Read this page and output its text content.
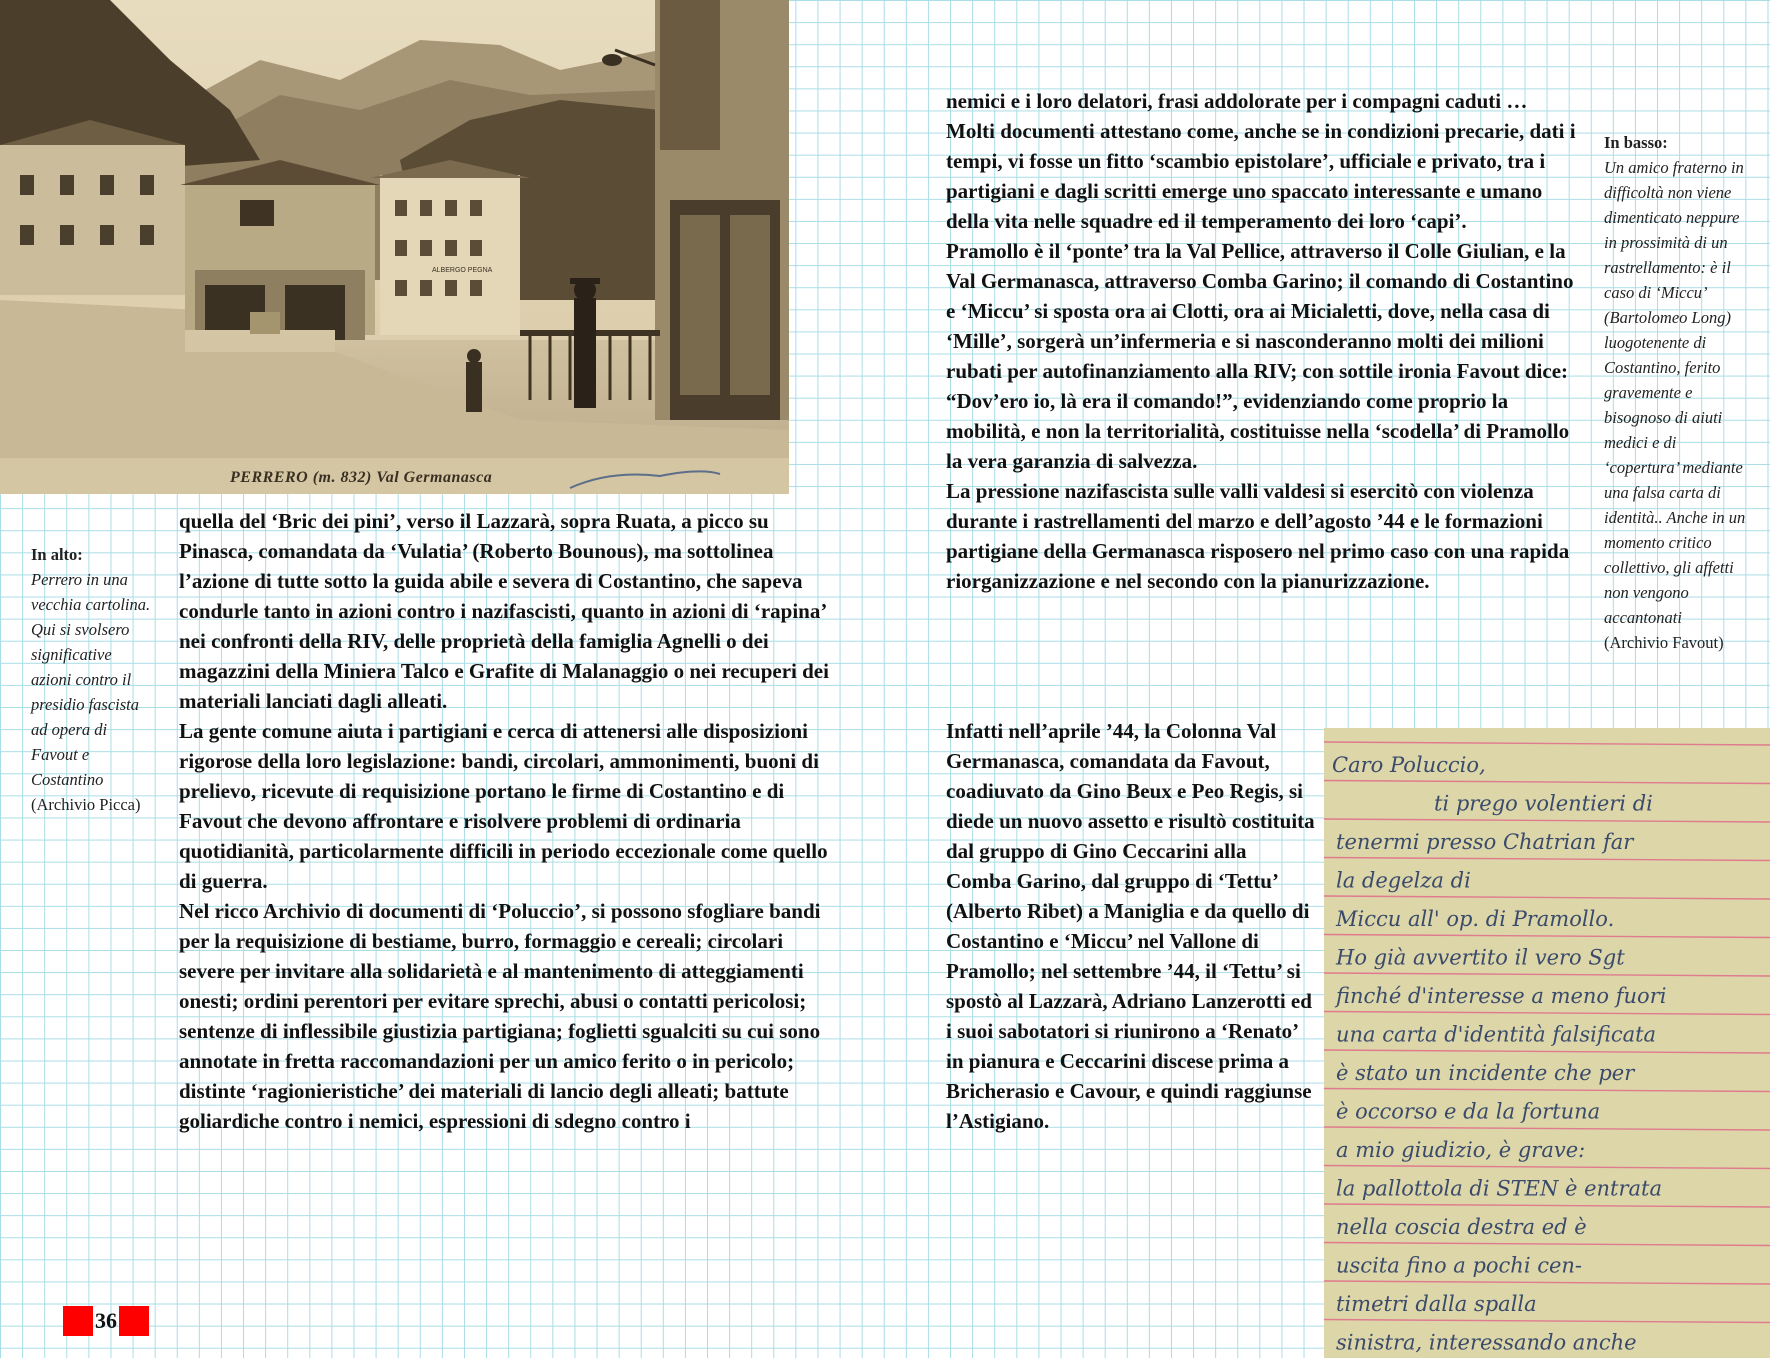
ALBERGO PEGNA
PERRERO (m. 832) Val Germanasca
In alto:
Perrero in una vecchia cartolina. Qui si svolsero significative azioni contro il presidio fascista ad opera di Favout e Costantino
(Archivio Picca)
In basso:
Un amico fraterno in difficoltà non viene dimenticato neppure in prossimità di un rastrellamento: è il caso di ‘Miccu’ (Bartolomeo Long) luogotenente di Costantino, ferito gravemente e bisognoso di aiuti medici e di ‘copertura’ mediante una falsa carta di identità.. Anche in un momento critico collettivo, gli affetti non vengono accantonati
(Archivio Favout)
quella del ‘Bric dei pini’, verso il Lazzarà, sopra Ruata, a picco su Pinasca, comandata da ‘Vulatia’ (Roberto Bounous), ma sottolinea l’azione di tutte sotto la guida abile e severa di Costantino, che sapeva condurle tanto in azioni contro i nazifascisti, quanto in azioni di ‘rapina’ nei confronti della RIV, delle proprietà della famiglia Agnelli o dei magazzini della Miniera Talco e Grafite di Malanaggio o nei recuperi dei materiali lanciati dagli alleati.
La gente comune aiuta i partigiani e cerca di attenersi alle disposizioni rigorose della loro legislazione: bandi, circolari, ammonimenti, buoni di prelievo, ricevute di requisizione portano le firme di Costantino e di Favout che devono affrontare e risolvere problemi di ordinaria quotidianità, particolarmente difficili in periodo eccezionale come quello di guerra.
Nel ricco Archivio di documenti di ‘Poluccio’, si possono sfogliare bandi per la requisizione di bestiame, burro, formaggio e cereali; circolari severe per invitare alla solidarietà e al mantenimento di atteggiamenti onesti; ordini perentori per evitare sprechi, abusi o contatti pericolosi; sentenze di inflessibile giustizia partigiana; foglietti sgualciti su cui sono annotate in fretta raccomandazioni per un amico ferito o in pericolo; distinte ‘ragionieristiche’ dei materiali di lancio degli alleati; battute goliardiche contro i nemici, espressioni di sdegno contro i
nemici e i loro delatori, frasi addolorate per i compagni caduti …
Molti documenti attestano come, anche se in condizioni precarie, dati i tempi, vi fosse un fitto ‘scambio epistolare’, ufficiale e privato, tra i partigiani e dagli scritti emerge uno spaccato interessante e umano della vita nelle squadre ed il temperamento dei loro ‘capi’.
Pramollo è il ‘ponte’ tra la Val Pellice, attraverso il Colle Giulian, e la Val Germanasca, attraverso Comba Garino; il comando di Costantino e ‘Miccu’ si sposta ora ai Clotti, ora ai Micialetti, dove, nella casa di ‘Mille’, sorgerà un’infermeria e si nasconderanno molti dei milioni rubati per autofinanziamento alla RIV; con sottile ironia Favout dice: “Dov’ero io, là era il comando!”, evidenziando come proprio la mobilità, e non la territorialità, costituisse nella ‘scodella’ di Pramollo la vera garanzia di salvezza.
La pressione nazifascista sulle valli valdesi si esercitò con violenza durante i rastrellamenti del marzo e dell’agosto ’44 e le formazioni partigiane della Germanasca risposero nel primo caso con una rapida riorganizzazione e nel secondo con la pianurizzazione.
Infatti nell’aprile ’44, la Colonna Val Germanasca, comandata da Favout, coadiuvato da Gino Beux e Peo Regis, si diede un nuovo assetto e risultò costituita dal gruppo di Gino Ceccarini alla Comba Garino, dal gruppo di ‘Tettu’ (Alberto Ribet) a Maniglia e da quello di Costantino e ‘Miccu’ nel Vallone di Pramollo; nel settembre ’44, il ‘Tettu’ si spostò al Lazzarà, Adriano Lanzerotti ed i suoi sabotatori si riunirono a ‘Renato’ in pianura e Ceccarini discese prima a Bricherasio e Cavour, e quindi raggiunse l’Astigiano.
Caro Poluccio,
ti prego volentieri di
tenermi presso Chatrian far
la degelza di
Miccu all' op. di Pramollo.
Ho già avvertito il vero Sgt
finché d'interesse a meno fuori
una carta d'identità falsificata
è stato un incidente che per
è occorso e da la fortuna
a mio giudizio, è grave:
la pallottola di STEN è entrata
nella coscia destra ed è
uscita fino a pochi cen-
timetri dalla spalla
sinistra, interessando anche
36
